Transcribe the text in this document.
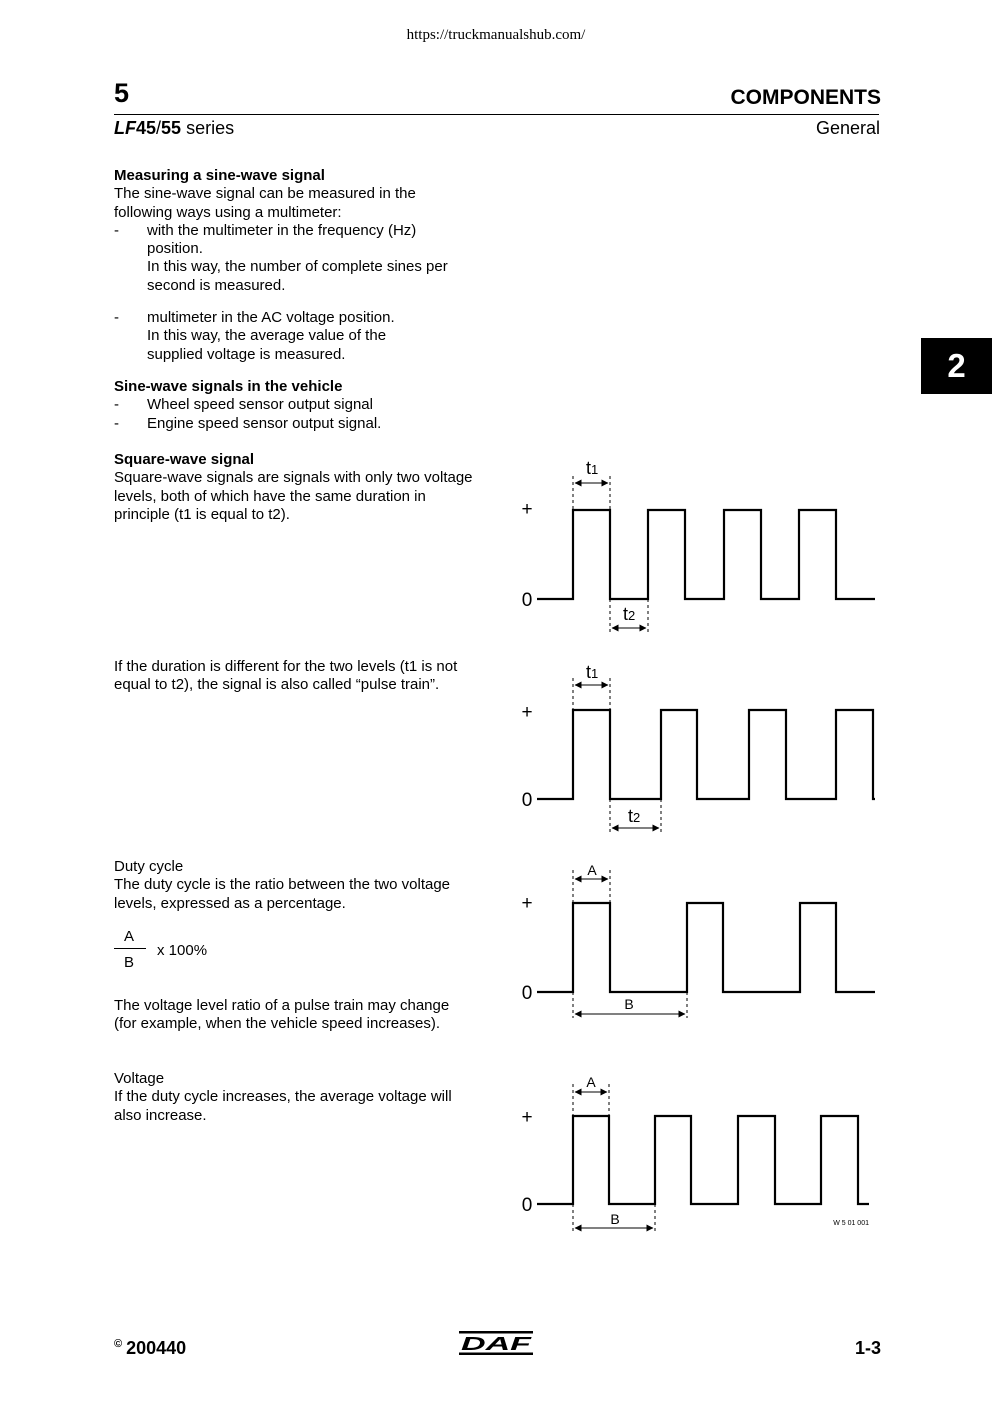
https://truckmanualshub.com/
5	COMPONENTS
LF45/55 series	General
2
Measuring a sine-wave signal
The sine-wave signal can be measured in the following ways using a multimeter:
- with the multimeter in the frequency (Hz) position.
In this way, the number of complete sines per second is measured.
- multimeter in the AC voltage position.
In this way, the average value of the supplied voltage is measured.
Sine-wave signals in the vehicle
- Wheel speed sensor output signal
- Engine speed sensor output signal.
Square-wave signal
Square-wave signals are signals with only two voltage levels, both of which have the same duration in principle (t1 is equal to t2).
If the duration is different for the two levels (t1 is not equal to t2), the signal is also called “pulse train”.
Duty cycle
The duty cycle is the ratio between the two voltage levels, expressed as a percentage.
A
B
x 100%
The voltage level ratio of a pulse train may change (for example, when the vehicle speed increases).
Voltage
If the duty cycle increases, the average voltage will also increase.
+
0
t1
t2
+
0
t1
t2
+
0
A
B
+
0
A
B	W 5 01 001
© 200440	DAF	1-3
